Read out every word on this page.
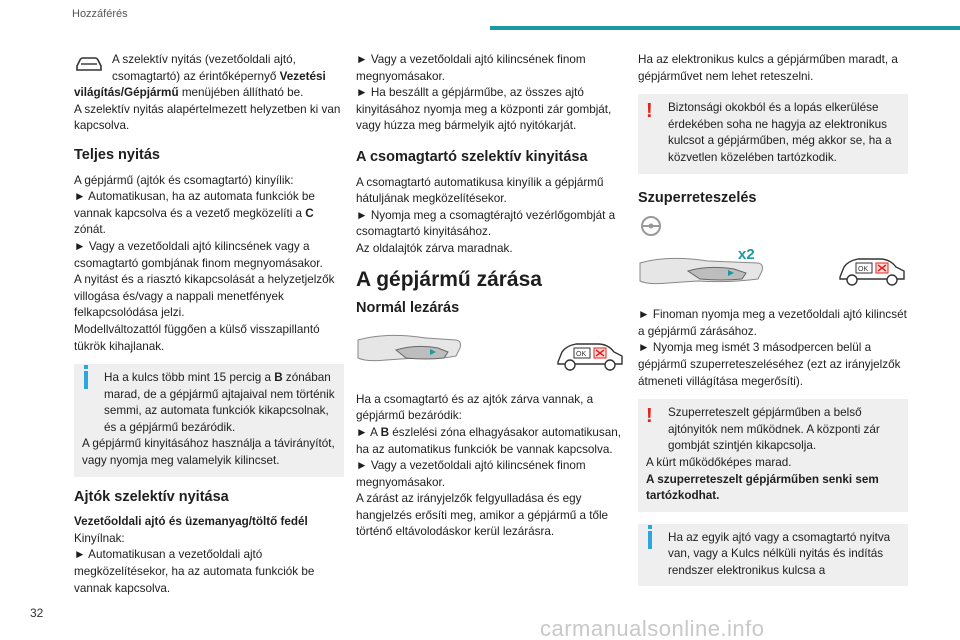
Hozzáférés
A szelektív nyitás (vezetőoldali ajtó, csomagtartó) az érintőképernyő Vezetési világítás/Gépjármű menüjében állítható be.
A szelektív nyitás alapértelmezett helyzetben ki van kapcsolva.
Teljes nyitás
A gépjármű (ajtók és csomagtartó) kinyílik:
► Automatikusan, ha az automata funkciók be vannak kapcsolva és a vezető megközelíti a C zónát.
► Vagy a vezetőoldali ajtó kilincsének vagy a csomagtartó gombjának finom megnyomásakor.
A nyitást és a riasztó kikapcsolását a helyzetjelzők villogása és/vagy a nappali menetfények felkapcsolódása jelzi.
Modellváltozattól függően a külső visszapillantó tükrök kihajlanak.
Ha a kulcs több mint 15 percig a B zónában marad, de a gépjármű ajtajaival nem történik semmi, az automata funkciók kikapcsolnak, és a gépjármű bezáródik.
A gépjármű kinyitásához használja a távirányítót, vagy nyomja meg valamelyik kilincset.
Ajtók szelektív nyitása
Vezetőoldali ajtó és üzemanyag/töltő fedél
Kinyílnak:
► Automatikusan a vezetőoldali ajtó megközelítésekor, ha az automata funkciók be vannak kapcsolva.
► Vagy a vezetőoldali ajtó kilincsének finom megnyomásakor.
► Ha beszállt a gépjárműbe, az összes ajtó kinyitásához nyomja meg a központi zár gombját, vagy húzza meg bármelyik ajtó nyitókarját.
A csomagtartó szelektív kinyitása
A csomagtartó automatikusa kinyílik a gépjármű hátuljának megközelítésekor.
► Nyomja meg a csomagtérajtó vezérlőgombját a csomagtartó kinyitásához.
Az oldalajtók zárva maradnak.
A gépjármű zárása
Normál lezárás
OK
Ha a csomagtartó és az ajtók zárva vannak, a gépjármű bezáródik:
► A B észlelési zóna elhagyásakor automatikusan, ha az automatikus funkciók be vannak kapcsolva.
► Vagy a vezetőoldali ajtó kilincsének finom megnyomásakor.
A zárást az irányjelzők felgyulladása és egy hangjelzés erősíti meg, amikor a gépjármű a tőle történő eltávolodáskor kerül lezárásra.
Ha az elektronikus kulcs a gépjárműben maradt, a gépjárművet nem lehet reteszelni.
!	Biztonsági okokból és a lopás elkerülése érdekében soha ne hagyja az elektronikus kulcsot a gépjárműben, még akkor se, ha a közvetlen közelében tartózkodik.
Szuperreteszelés
x2
OK
► Finoman nyomja meg a vezetőoldali ajtó kilincsét a gépjármű zárásához.
► Nyomja meg ismét 3 másodpercen belül a gépjármű szuperreteszeléséhez (ezt az irányjelzők átmeneti villágítása megerősíti).
!	Szuperreteszelt gépjárműben a belső ajtónyitók nem működnek. A központi zár gombját szintjén kikapcsolja.
A kürt működőképes marad.
A szuperreteszelt gépjárműben senki sem tartózkodhat.
Ha az egyik ajtó vagy a csomagtartó nyitva van, vagy a Kulcs nélküli nyitás és indítás rendszer elektronikus kulcsa a
32
carmanualsonline.info
